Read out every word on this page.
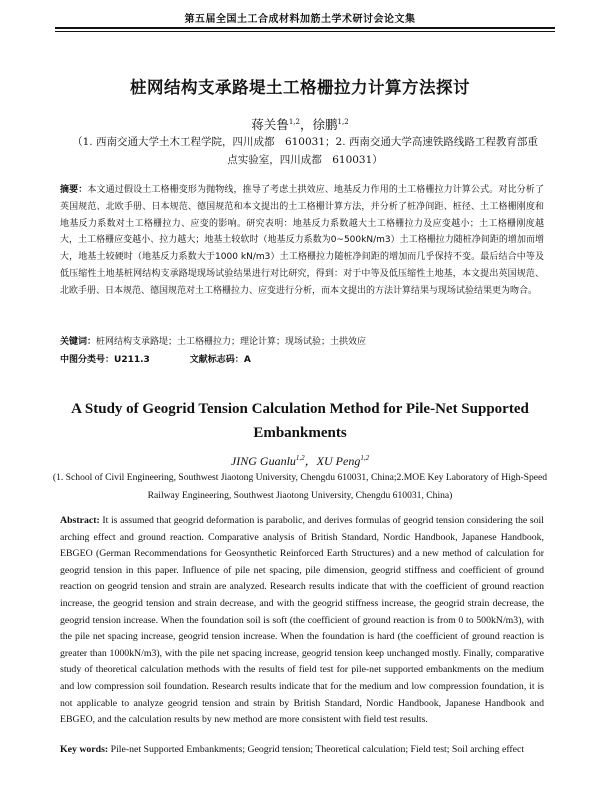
第五届全国土工合成材料加筋土学术研讨会论文集
桩网结构支承路堤土工格栅拉力计算方法探讨
蒋关鲁$^{1,2}$，徐鹏$^{1,2}$
（1. 西南交通大学土木工程学院，四川成都　610031；2. 西南交通大学高速铁路线路工程教育部重点实验室，四川成都　610031）
摘要：本文通过假设土工格栅变形为抛物线，推导了考虑土拱效应、地基反力作用的土工格栅拉力计算公式。对比分析了英国规范、北欧手册、日本规范、德国规范和本文提出的土工格栅计算方法，并分析了桩净间距、桩径、土工格栅刚度和地基反力系数对土工格栅拉力、应变的影响。研究表明：地基反力系数越大土工格栅拉力及应变越小；土工格栅刚度越大，土工格栅应变越小、拉力越大；地基土较软时（地基反力系数为0~500kN/m3）土工格栅拉力随桩净间距的增加而增大，地基土较硬时（地基反力系数大于1000 kN/m3）土工格栅拉力随桩净间距的增加而几乎保持不变。最后结合中等及低压缩性土地基桩网结构支承路堤现场试验结果进行对比研究，得到：对于中等及低压缩性土地基，本文提出英国规范、北欧手册、日本规范、德国规范对土工格栅拉力、应变进行分析，而本文提出的方法计算结果与现场试验结果更为吻合。
关键词：桩网结构支承路堤；土工格栅拉力；理论计算；现场试验；土拱效应
中图分类号：U211.3	文献标志码：A
A Study of Geogrid Tension Calculation Method for Pile-Net Supported Embankments
JING Guanlu$^{1,2}$，XU Peng$^{1,2}$
(1. School of Civil Engineering, Southwest Jiaotong University, Chengdu 610031, China;2.MOE Key Laboratory of High-Speed Railway Engineering, Southwest Jiaotong University, Chengdu 610031, China)
Abstract: It is assumed that geogrid deformation is parabolic, and derives formulas of geogrid tension considering the soil arching effect and ground reaction. Comparative analysis of British Standard, Nordic Handbook, Japanese Handbook, EBGEO (German Recommendations for Geosynthetic Reinforced Earth Structures) and a new method of calculation for geogrid tension in this paper. Influence of pile net spacing, pile dimension, geogrid stiffness and coefficient of ground reaction on geogrid tension and strain are analyzed. Research results indicate that with the coefficient of ground reaction increase, the geogrid tension and strain decrease, and with the geogrid stiffness increase, the geogrid strain decrease, the geogrid tension increase. When the foundation soil is soft (the coefficient of ground reaction is from 0 to 500kN/m3), with the pile net spacing increase, geogrid tension increase. When the foundation is hard (the coefficient of ground reaction is greater than 1000kN/m3), with the pile net spacing increase, geogrid tension keep unchanged mostly. Finally, comparative study of theoretical calculation methods with the results of field test for pile-net supported embankments on the medium and low compression soil foundation. Research results indicate that for the medium and low compression foundation, it is not applicable to analyze geogrid tension and strain by British Standard, Nordic Handbook, Japanese Handbook and EBGEO, and the calculation results by new method are more consistent with field test results.
Key words: Pile-net Supported Embankments; Geogrid tension; Theoretical calculation; Field test; Soil arching effect
